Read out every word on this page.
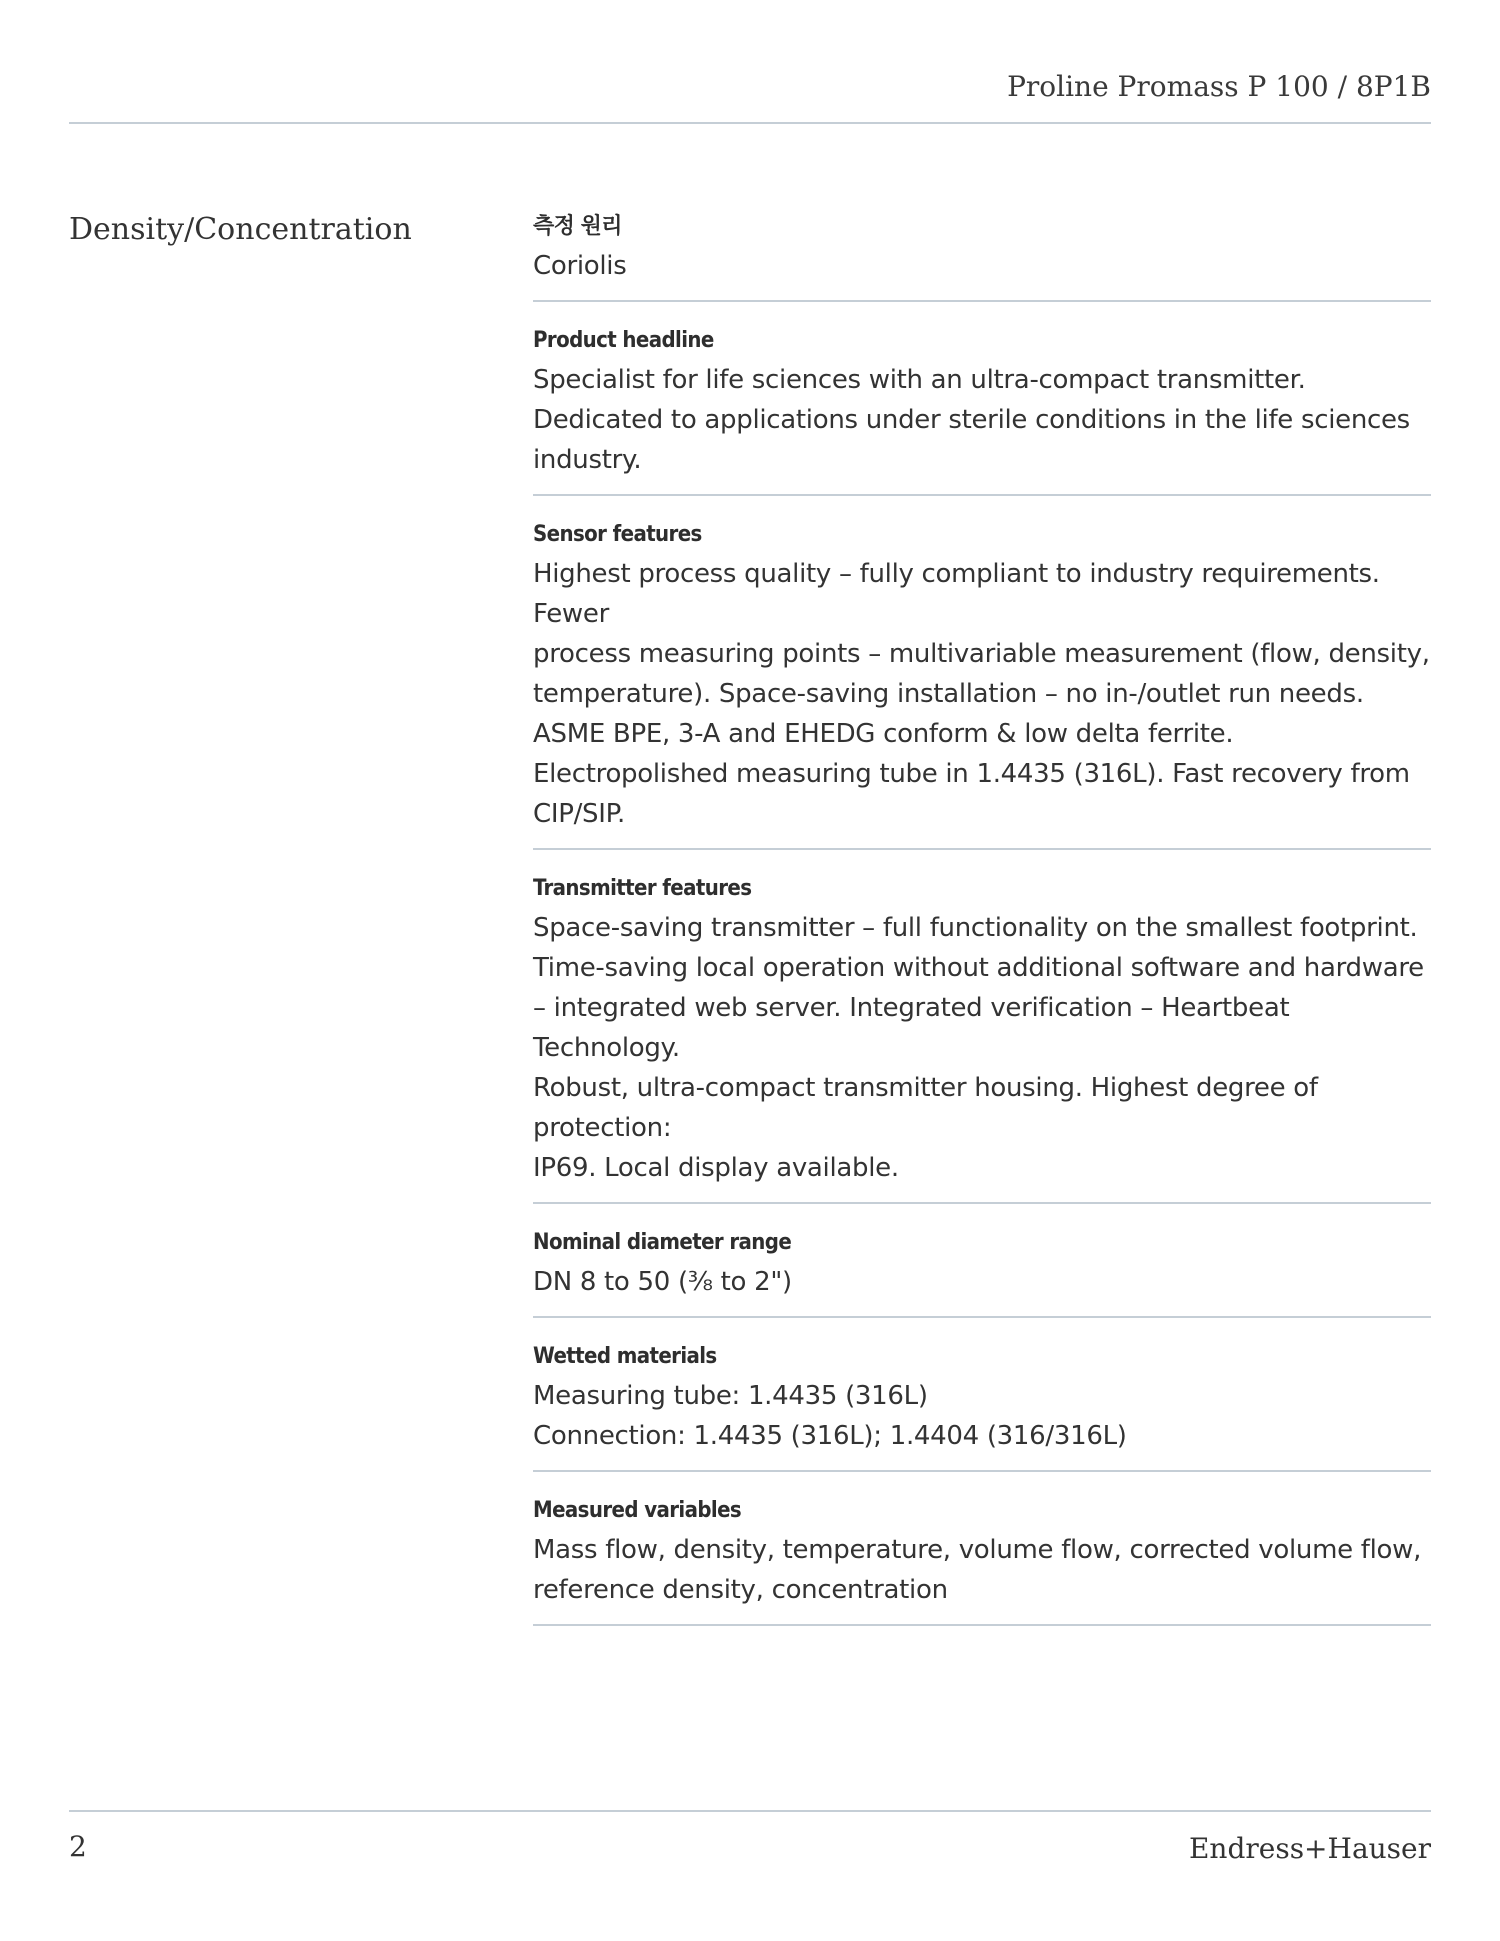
Proline Promass P 100 / 8P1B
Density/Concentration	측정 원리
Coriolis
Product headline
Specialist for life sciences with an ultra-compact transmitter.
Dedicated to applications under sterile conditions in the life sciences
industry.
Sensor features
Highest process quality – fully compliant to industry requirements. Fewer
process measuring points – multivariable measurement (flow, density,
temperature). Space‐saving installation – no in-/outlet run needs.
ASME BPE, 3‐A and EHEDG conform & low delta ferrite.
Electropolished measuring tube in 1.4435 (316L). Fast recovery from
CIP/SIP.
Transmitter features
Space‐saving transmitter – full functionality on the smallest footprint.
Time‐saving local operation without additional software and hardware
– integrated web server. Integrated verification – Heartbeat Technology.
Robust, ultra-compact transmitter housing. Highest degree of protection:
IP69. Local display available.
Nominal diameter range
DN 8 to 50 (⅜ to 2")
Wetted materials
Measuring tube: 1.4435 (316L)
Connection: 1.4435 (316L); 1.4404 (316/316L)
Measured variables
Mass flow, density, temperature, volume flow, corrected volume flow,
reference density, concentration
2	Endress+Hauser
